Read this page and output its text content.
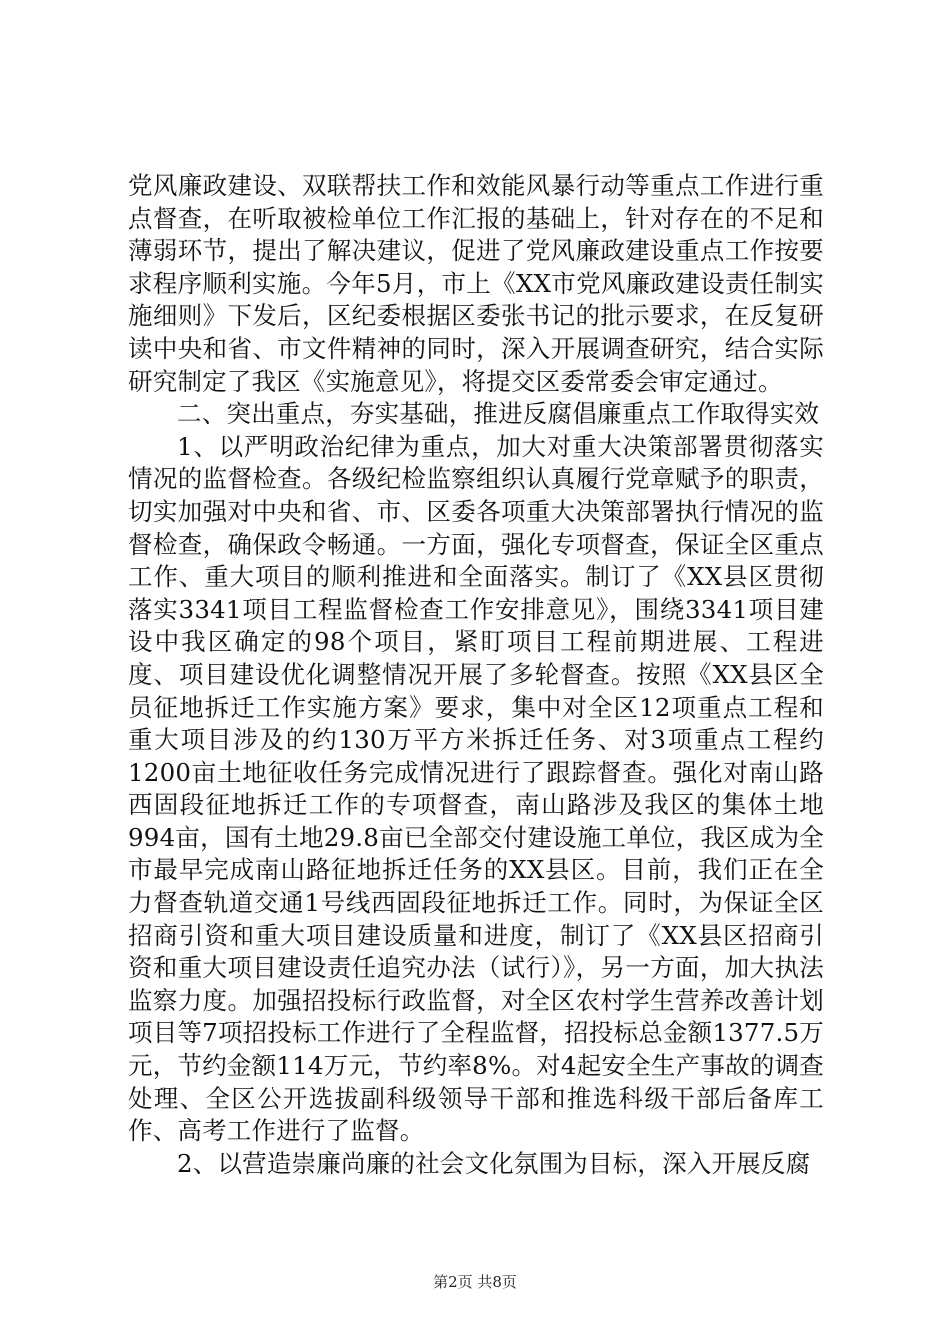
党风廉政建设、双联帮扶工作和效能风暴行动等重点工作进行重点督查，在听取被检单位工作汇报的基础上，针对存在的不足和薄弱环节，提出了解决建议，促进了党风廉政建设重点工作按要求程序顺利实施。今年5月，市上《XX市党风廉政建设责任制实施细则》下发后，区纪委根据区委张书记的批示要求，在反复研读中央和省、市文件精神的同时，深入开展调查研究，结合实际研究制定了我区《实施意见》，将提交区委常委会审定通过。

二、突出重点，夯实基础，推进反腐倡廉重点工作取得实效

1、以严明政治纪律为重点，加大对重大决策部署贯彻落实情况的监督检查。各级纪检监察组织认真履行党章赋予的职责，切实加强对中央和省、市、区委各项重大决策部署执行情况的监督检查，确保政令畅通。一方面，强化专项督查，保证全区重点工作、重大项目的顺利推进和全面落实。制订了《XX县区贯彻落实3341项目工程监督检查工作安排意见》，围绕3341项目建设中我区确定的98个项目，紧盯项目工程前期进展、工程进度、项目建设优化调整情况开展了多轮督查。按照《XX县区全员征地拆迁工作实施方案》要求，集中对全区12项重点工程和重大项目涉及的约130万平方米拆迁任务、对3项重点工程约1200亩土地征收任务完成情况进行了跟踪督查。强化对南山路西固段征地拆迁工作的专项督查，南山路涉及我区的集体土地994亩，国有土地29.8亩已全部交付建设施工单位，我区成为全市最早完成南山路征地拆迁任务的XX县区。目前，我们正在全力督查轨道交通1号线西固段征地拆迁工作。同时，为保证全区招商引资和重大项目建设质量和进度，制订了《XX县区招商引资和重大项目建设责任追究办法（试行）》，另一方面，加大执法监察力度。加强招投标行政监督，对全区农村学生营养改善计划项目等7项招投标工作进行了全程监督，招投标总金额1377.5万元，节约金额114万元，节约率8%。对4起安全生产事故的调查处理、全区公开选拔副科级领导干部和推选科级干部后备库工作、高考工作进行了监督。

2、以营造崇廉尚廉的社会文化氛围为目标，深入开展反腐

第2页 共8页
